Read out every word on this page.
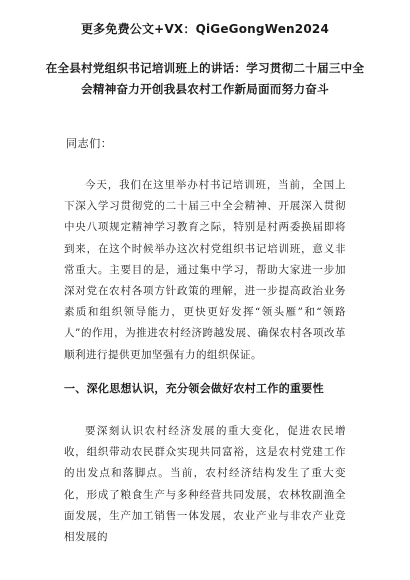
更多免费公文+VX：QiGeGongWen2024
在全县村党组织书记培训班上的讲话：学习贯彻二十届三中全会精神奋力开创我县农村工作新局面而努力奋斗
同志们：
今天，我们在这里举办村书记培训班，当前，全国上下深入学习贯彻党的二十届三中全会精神、开展深入贯彻中央八项规定精神学习教育之际，特别是村两委换届即将到来，在这个时候举办这次村党组织书记培训班，意义非常重大。主要目的是，通过集中学习，帮助大家进一步加深对党在农村各项方针政策的理解，进一步提高政治业务素质和组织领导能力，更快更好发挥“领头雁”和“领路人”的作用，为推进农村经济跨越发展、确保农村各项改革顺利进行提供更加坚强有力的组织保证。
一、深化思想认识，充分领会做好农村工作的重要性
要深刻认识农村经济发展的重大变化，促进农民增收，组织带动农民群众实现共同富裕，这是农村党建工作的出发点和落脚点。当前，农村经济结构发生了重大变化，形成了粮食生产与多种经营共同发展，农林牧副渔全面发展，生产加工销售一体发展，农业产业与非农产业竞相发展的
